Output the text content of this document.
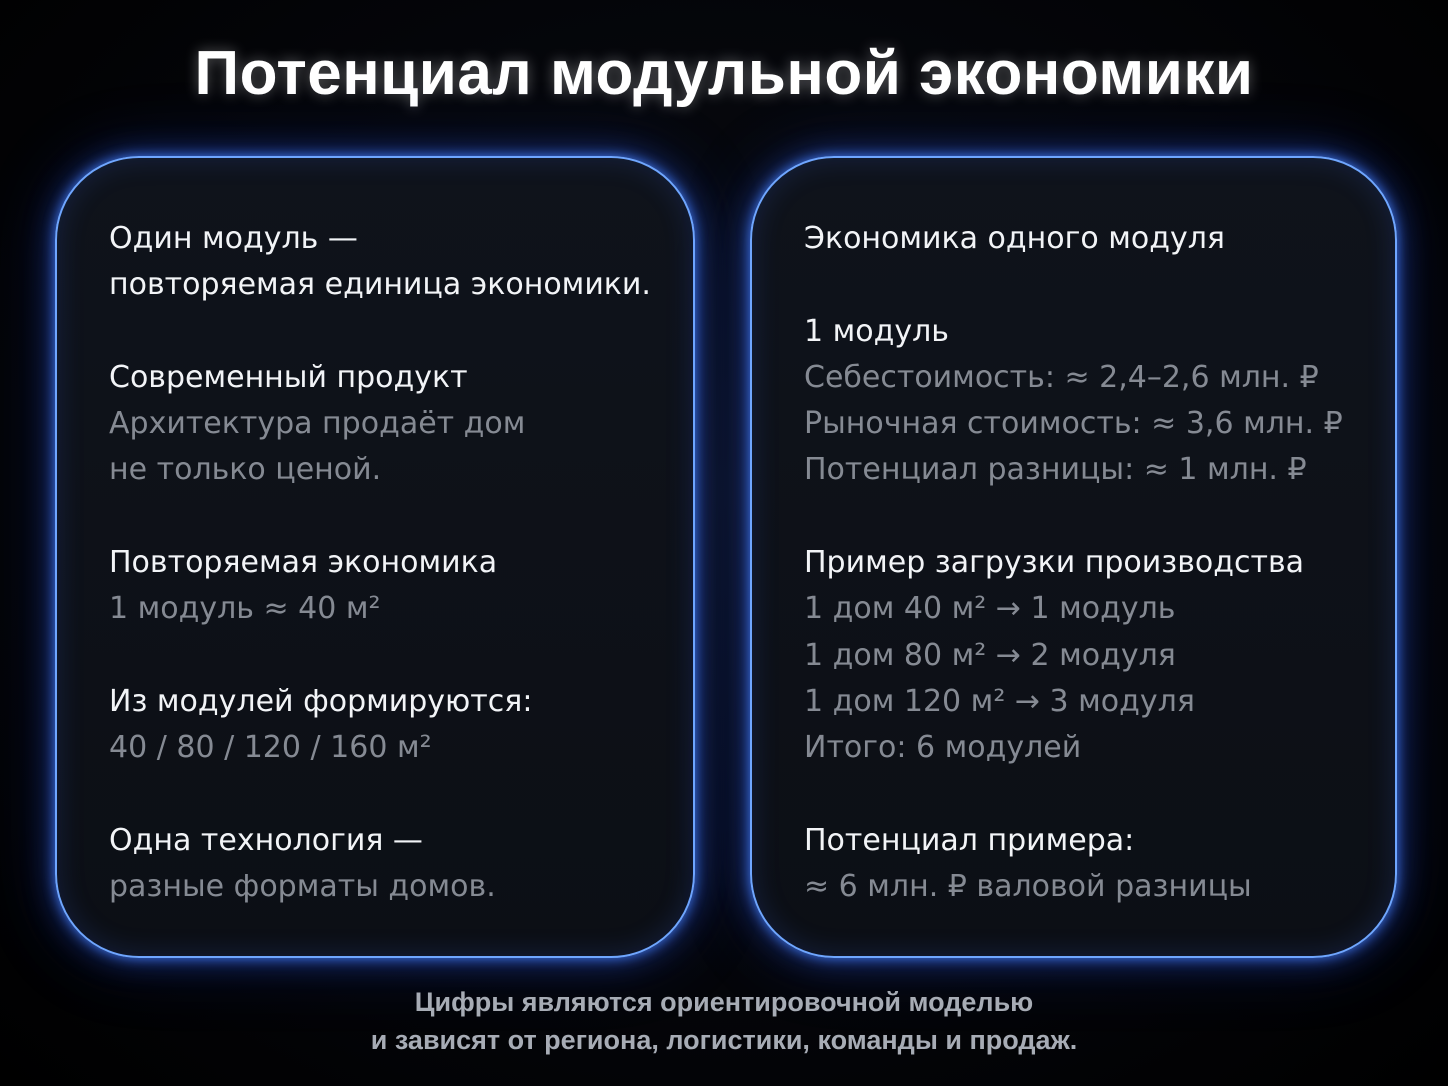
Потенциал модульной экономики
Один модуль —
повторяемая единица экономики.
Современный продукт
Архитектура продаёт дом
не только ценой.
Повторяемая экономика
1 модуль ≈ 40 м²
Из модулей формируются:
40 / 80 / 120 / 160 м²
Одна технология —
разные форматы домов.
Экономика одного модуля
1 модуль
Себестоимость: ≈ 2,4–2,6 млн. ₽
Рыночная стоимость: ≈ 3,6 млн. ₽
Потенциал разницы: ≈ 1 млн. ₽
Пример загрузки производства
1 дом 40 м² → 1 модуль
1 дом 80 м² → 2 модуля
1 дом 120 м² → 3 модуля
Итого: 6 модулей
Потенциал примера:
≈ 6 млн. ₽ валовой разницы
Цифры являются ориентировочной моделью
и зависят от региона, логистики, команды и продаж.
